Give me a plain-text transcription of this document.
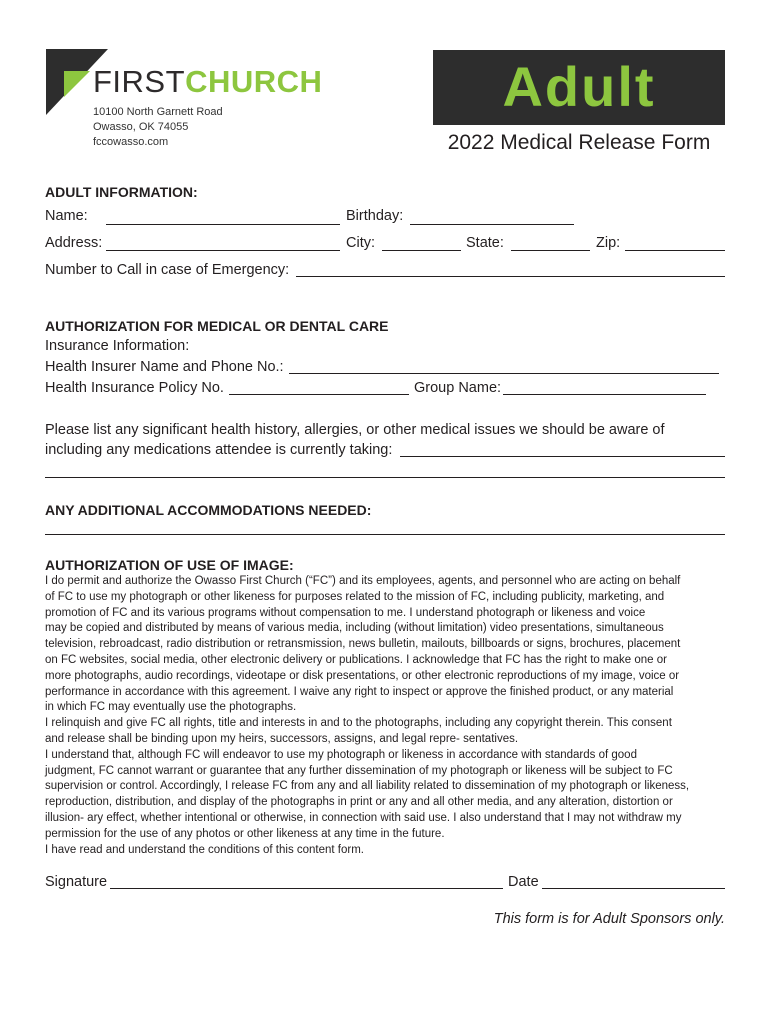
FIRSTCHURCH
10100 North Garnett Road
Owasso, OK 74055
fccowasso.com
Adult
2022 Medical Release Form
ADULT INFORMATION:
Name:	Birthday:
Address:	City:	State:	Zip:
Number to Call in case of Emergency:
AUTHORIZATION FOR MEDICAL OR DENTAL CARE
Insurance Information:
Health Insurer Name and Phone No.:
Health Insurance Policy No.	Group Name:
Please list any significant health history, allergies, or other medical issues we should be aware of
including any medications attendee is currently taking:
ANY ADDITIONAL ACCOMMODATIONS NEEDED:
AUTHORIZATION OF USE OF IMAGE:

I do permit and authorize the Owasso First Church (“FC”) and its employees, agents, and personnel who are acting on behalf

of FC to use my photograph or other likeness for purposes related to the mission of FC, including publicity, marketing, and

promotion of FC and its various programs without compensation to me. I understand photograph or likeness and voice

may be copied and distributed by means of various media, including (without limitation) video presentations, simultaneous

television, rebroadcast, radio distribution or retransmission, news bulletin, mailouts, billboards or signs, brochures, placement

on FC websites, social media, other electronic delivery or publications. I acknowledge that FC has the right to make one or

more photographs, audio recordings, videotape or disk presentations, or other electronic reproductions of my image, voice or

performance in accordance with this agreement. I waive any right to inspect or approve the finished product, or any material

in which FC may eventually use the photographs.

I relinquish and give FC all rights, title and interests in and to the photographs, including any copyright therein. This consent

and release shall be binding upon my heirs, successors, assigns, and legal repre- sentatives.

I understand that, although FC will endeavor to use my photograph or likeness in accordance with standards of good

judgment, FC cannot warrant or guarantee that any further dissemination of my photograph or likeness will be subject to FC

supervision or control. Accordingly, I release FC from any and all liability related to dissemination of my photograph or likeness,

reproduction, distribution, and display of the photographs in print or any and all other media, and any alteration, distortion or

illusion- ary effect, whether intentional or otherwise, in connection with said use. I also understand that I may not withdraw my

permission for the use of any photos or other likeness at any time in the future.

I have read and understand the conditions of this content form.

Signature	Date
This form is for Adult Sponsors only.
